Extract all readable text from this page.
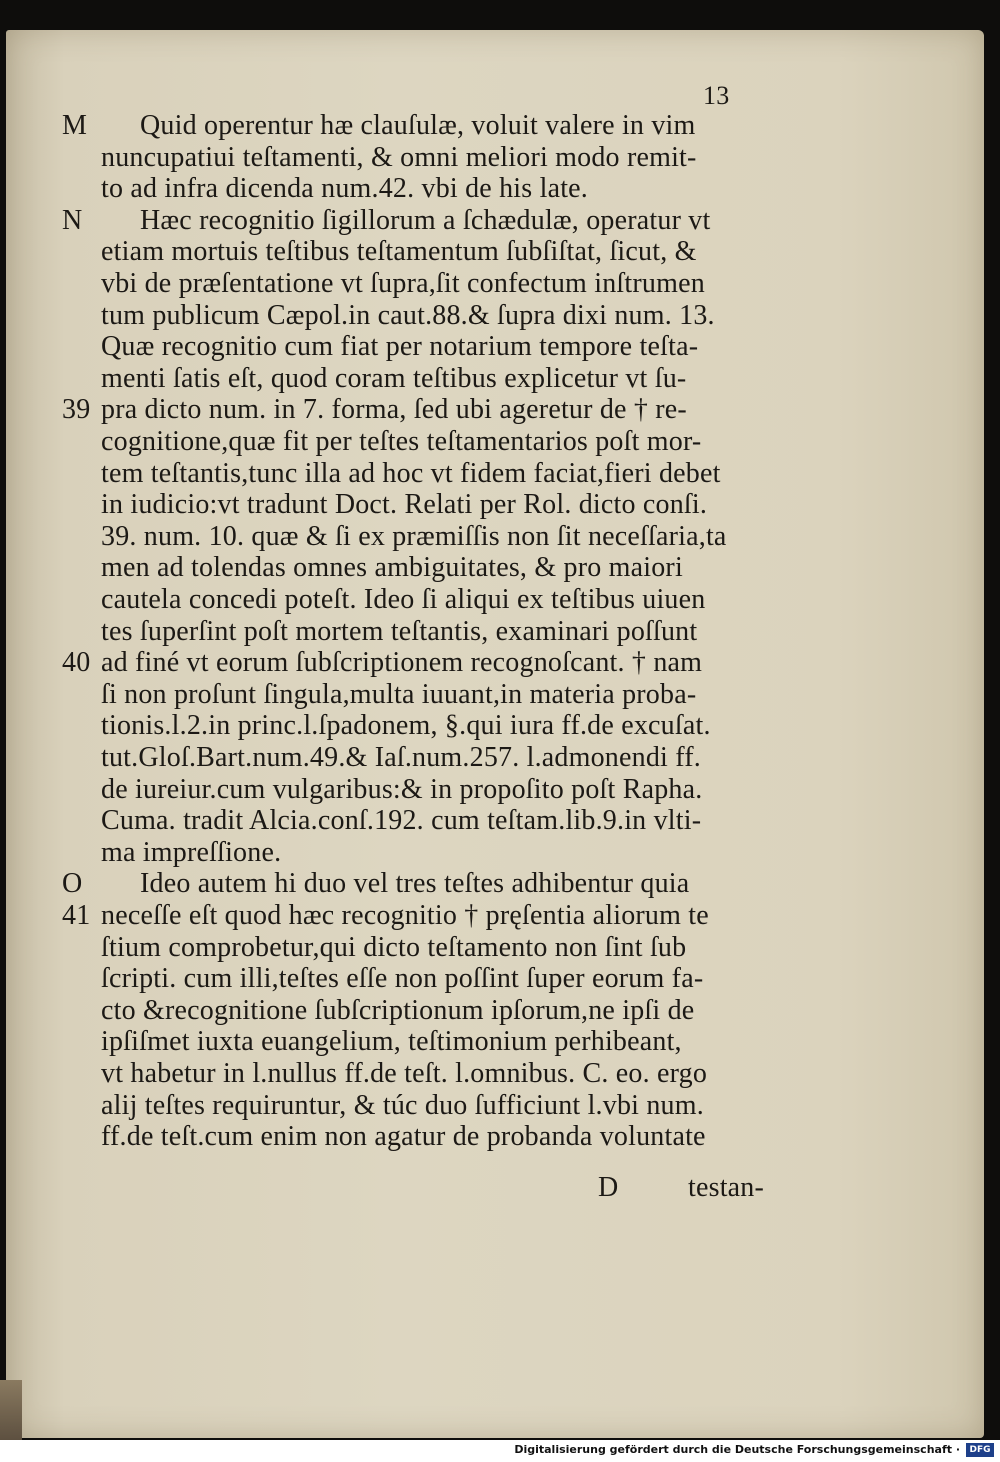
13
D testan-
Quid operentur hæ clauſulæ, voluit valere in vim
nuncupatiui teſtamenti, & omni meliori modo remit-
to ad infra dicenda num.42. vbi de his late.
Hæc recognitio ſigillorum a ſchædulæ, operatur vt
etiam mortuis teſtibus teſtamentum ſubſiſtat, ſicut, &
vbi de præſentatione vt ſupra,ſit confectum inſtrumen
tum publicum Cæpol.in caut.88.& ſupra dixi num. 13.
Quæ recognitio cum fiat per notarium tempore teſta-
menti ſatis eſt, quod coram teſtibus explicetur vt ſu-
pra dicto num. in 7. forma, ſed ubi ageretur de † re-
cognitione,quæ fit per teſtes teſtamentarios poſt mor-
tem teſtantis,tunc illa ad hoc vt fidem faciat,fieri debet
in iudicio:vt tradunt Doct. Relati per Rol. dicto conſi.
39. num. 10. quæ & ſi ex præmiſſis non ſit neceſſaria,ta
men ad tolendas omnes ambiguitates, & pro maiori
cautela concedi poteſt. Ideo ſi aliqui ex teſtibus uiuen
tes ſuperſint poſt mortem teſtantis, examinari poſſunt
ad finé vt eorum ſubſcriptionem recognoſcant. † nam
ſi non proſunt ſingula,multa iuuant,in materia proba-
tionis.l.2.in princ.l.ſpadonem, §.qui iura ff.de excuſat.
tut.Gloſ.Bart.num.49.& Iaſ.num.257. l.admonendi ff.
de iureiur.cum vulgaribus:& in propoſito poſt Rapha.
Cuma. tradit Alcia.conſ.192. cum teſtam.lib.9.in vlti-
ma impreſſione.
Ideo autem hi duo vel tres teſtes adhibentur quia
neceſſe eſt quod hæc recognitio † pręſentia aliorum te
ſtium comprobetur,qui dicto teſtamento non ſint ſub
ſcripti. cum illi,teſtes eſſe non poſſint ſuper eorum fa-
cto &recognitione ſubſcriptionum ipſorum,ne ipſi de
ipſiſmet iuxta euangelium, teſtimonium perhibeant,
vt habetur in l.nullus ff.de teſt. l.omnibus. C. eo. ergo
alij teſtes requiruntur, & túc duo ſufficiunt l.vbi num.
ff.de teſt.cum enim non agatur de probanda voluntate
M
N
39
40
O
41
Digitalisierung gefördert durch die Deutsche Forschungsgemeinschaft ·	DFG
